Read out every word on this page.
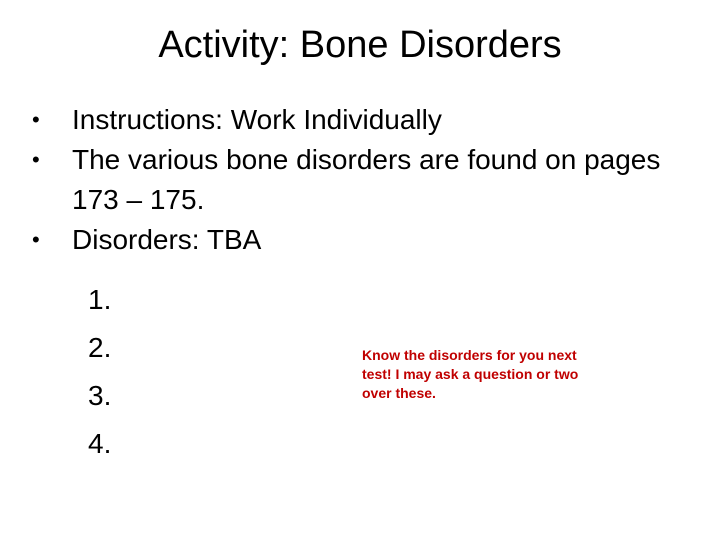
Activity: Bone Disorders
•	Instructions: Work Individually
•	The various bone disorders are found on pages 173 – 175.
•	Disorders: TBA
1.
2.
3.
4.
Know the disorders for you next test! I may ask a question or two over these.
